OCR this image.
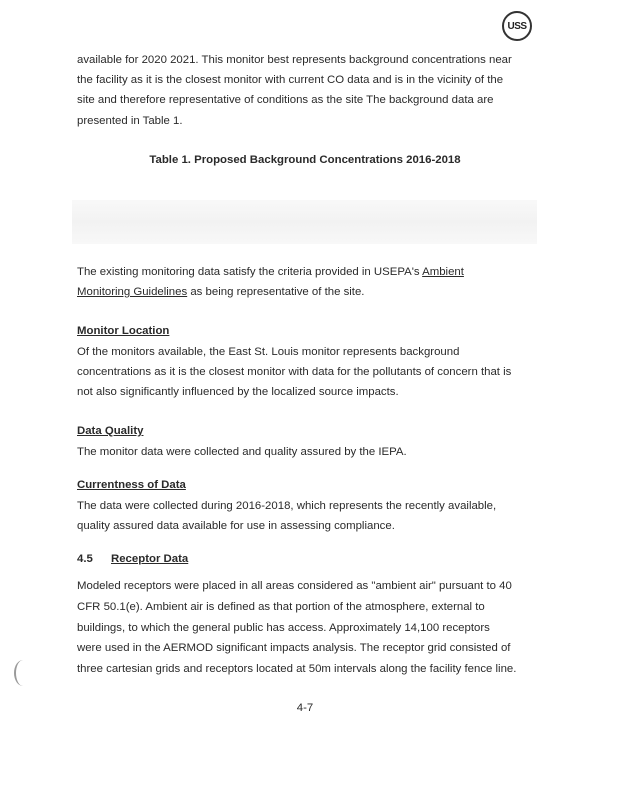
USS
available for 2020 2021. This monitor best represents background concentrations near
the facility as it is the closest monitor with current CO data and is in the vicinity of the
site and therefore representative of conditions as the site The background data are
presented in Table 1.
Table 1. Proposed Background Concentrations 2016-2018
The existing monitoring data satisfy the criteria provided in USEPA's Ambient
Monitoring Guidelines as being representative of the site.
Monitor Location
Of the monitors available, the East St. Louis monitor represents background
concentrations as it is the closest monitor with data for the pollutants of concern that is
not also significantly influenced by the localized source impacts.
Data Quality
The monitor data were collected and quality assured by the IEPA.
Currentness of Data
The data were collected during 2016-2018, which represents the recently available,
quality assured data available for use in assessing compliance.
4.5 Receptor Data
Modeled receptors were placed in all areas considered as "ambient air" pursuant to 40
CFR 50.1(e). Ambient air is defined as that portion of the atmosphere, external to
buildings, to which the general public has access. Approximately 14,100 receptors
were used in the AERMOD significant impacts analysis. The receptor grid consisted of
three cartesian grids and receptors located at 50m intervals along the facility fence line.
4-7
